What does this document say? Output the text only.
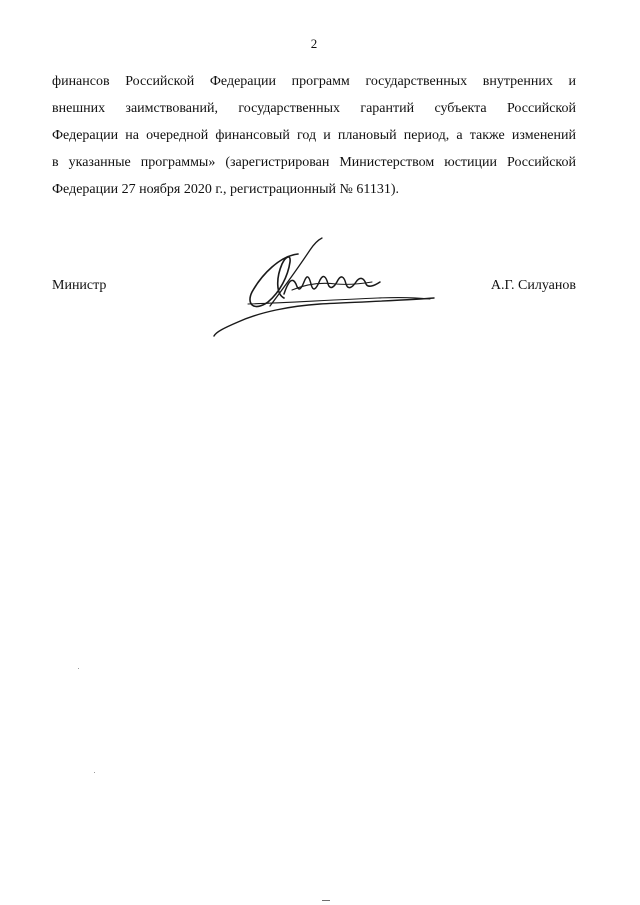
2
финансов Российской Федерации программ государственных внутренних и
внешних заимствований, государственных гарантий субъекта Российской
Федерации на очередной финансовый год и плановый период, а также изменений
в указанные программы» (зарегистрирован Министерством юстиции Российской
Федерации 27 ноября 2020 г., регистрационный № 61131).
Министр	А.Г. Силуанов
